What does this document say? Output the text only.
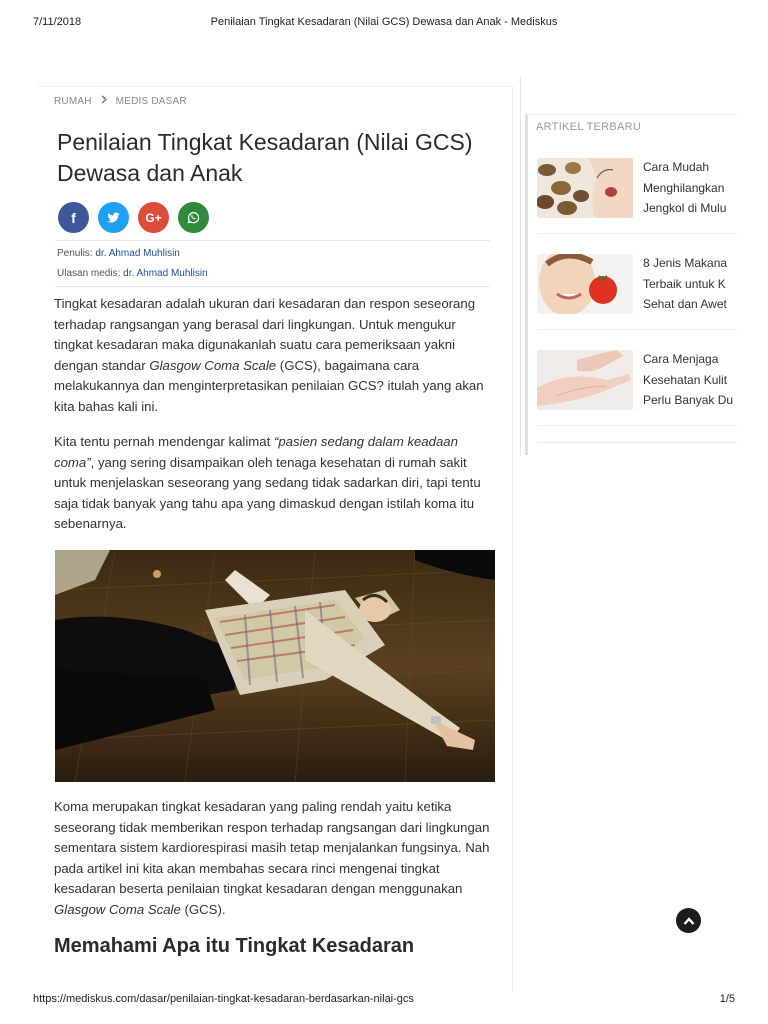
7/11/2018	Penilaian Tingkat Kesadaran (Nilai GCS) Dewasa dan Anak - Mediskus
RUMAH MEDIS DASAR
Penilaian Tingkat Kesadaran (Nilai GCS) Dewasa dan Anak
f	G+
Penulis: dr. Ahmad Muhlisin
Ulasan medis: dr. Ahmad Muhlisin

Tingkat kesadaran adalah ukuran dari kesadaran dan respon seseorang terhadap rangsangan yang berasal dari lingkungan. Untuk mengukur tingkat kesadaran maka digunakanlah suatu cara pemeriksaan yakni dengan standar Glasgow Coma Scale (GCS), bagaimana cara melakukannya dan menginterpretasikan penilaian GCS? itulah yang akan kita bahas kali ini.

Kita tentu pernah mendengar kalimat “pasien sedang dalam keadaan coma”, yang sering disampaikan oleh tenaga kesehatan di rumah sakit untuk menjelaskan seseorang yang sedang tidak sadarkan diri, tapi tentu saja tidak banyak yang tahu apa yang dimaskud dengan istilah koma itu sebenarnya.

Koma merupakan tingkat kesadaran yang paling rendah yaitu ketika seseorang tidak memberikan respon terhadap rangsangan dari lingkungan sementara sistem kardiorespirasi masih tetap menjalankan fungsinya. Nah pada artikel ini kita akan membahas secara rinci mengenai tingkat kesadaran beserta penilaian tingkat kesadaran dengan menggunakan Glasgow Coma Scale (GCS).

Memahami Apa itu Tingkat Kesadaran
ARTIKEL TERBARU
Cara Mudah
Menghilangkan
Jengkol di Mulu
8 Jenis Makana
Terbaik untuk K
Sehat dan Awet
Cara Menjaga
Kesehatan Kulit
Perlu Banyak Du
https://mediskus.com/dasar/penilaian-tingkat-kesadaran-berdasarkan-nilai-gcs	1/5
